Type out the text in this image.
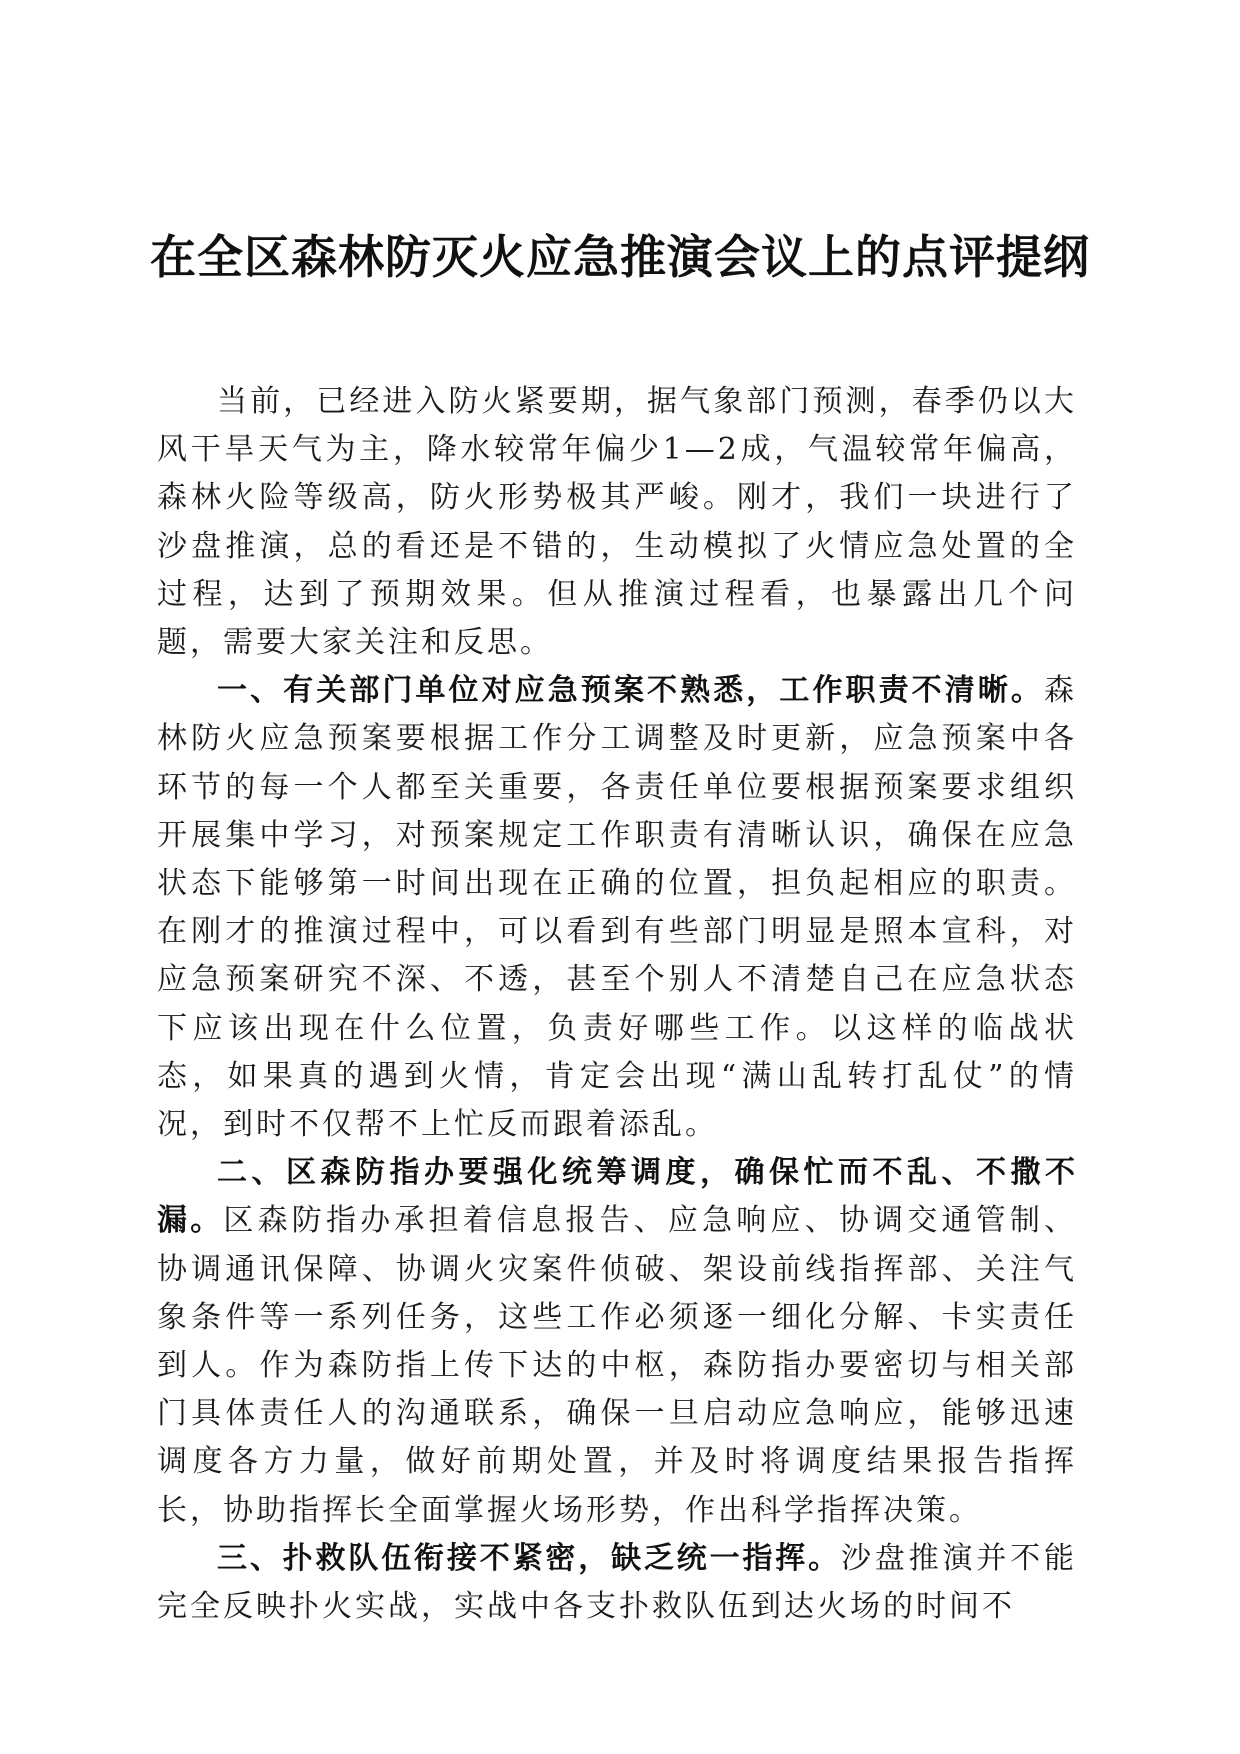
在全区森林防灭火应急推演会议上的点评提纲

当前，已经进入防火紧要期，据气象部门预测，春季仍以大风干旱天气为主，降水较常年偏少1—2成，气温较常年偏高，森林火险等级高，防火形势极其严峻。刚才，我们一块进行了沙盘推演，总的看还是不错的，生动模拟了火情应急处置的全过程，达到了预期效果。但从推演过程看，也暴露出几个问题，需要大家关注和反思。

一、有关部门单位对应急预案不熟悉，工作职责不清晰。森林防火应急预案要根据工作分工调整及时更新，应急预案中各环节的每一个人都至关重要，各责任单位要根据预案要求组织开展集中学习，对预案规定工作职责有清晰认识，确保在应急状态下能够第一时间出现在正确的位置，担负起相应的职责。在刚才的推演过程中，可以看到有些部门明显是照本宣科，对应急预案研究不深、不透，甚至个别人不清楚自己在应急状态下应该出现在什么位置，负责好哪些工作。以这样的临战状态，如果真的遇到火情，肯定会出现“满山乱转打乱仗”的情况，到时不仅帮不上忙反而跟着添乱。

二、区森防指办要强化统筹调度，确保忙而不乱、不撒不漏。区森防指办承担着信息报告、应急响应、协调交通管制、协调通讯保障、协调火灾案件侦破、架设前线指挥部、关注气象条件等一系列任务，这些工作必须逐一细化分解、卡实责任到人。作为森防指上传下达的中枢，森防指办要密切与相关部门具体责任人的沟通联系，确保一旦启动应急响应，能够迅速调度各方力量，做好前期处置，并及时将调度结果报告指挥长，协助指挥长全面掌握火场形势，作出科学指挥决策。

三、扑救队伍衔接不紧密，缺乏统一指挥。沙盘推演并不能完全反映扑火实战，实战中各支扑救队伍到达火场的时间不
